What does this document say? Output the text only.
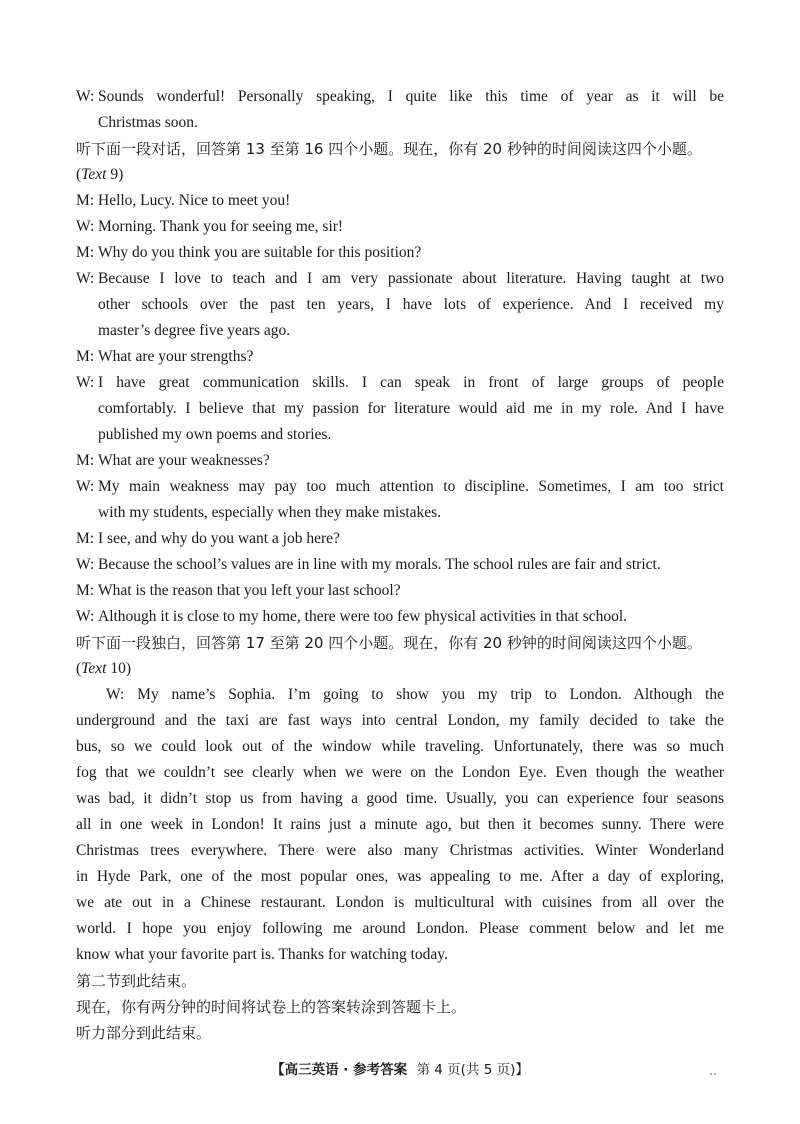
W: Sounds wonderful! Personally speaking, I quite like this time of year as it will be
Christmas soon.
听下面一段对话，回答第 13 至第 16 四个小题。现在，你有 20 秒钟的时间阅读这四个小题。
(Text 9)
M: Hello, Lucy. Nice to meet you!
W: Morning. Thank you for seeing me, sir!
M: Why do you think you are suitable for this position?
W: Because I love to teach and I am very passionate about literature. Having taught at two
other schools over the past ten years, I have lots of experience. And I received my
master’s degree five years ago.
M: What are your strengths?
W: I have great communication skills. I can speak in front of large groups of people
comfortably. I believe that my passion for literature would aid me in my role. And I have
published my own poems and stories.
M: What are your weaknesses?
W: My main weakness may pay too much attention to discipline. Sometimes, I am too strict
with my students, especially when they make mistakes.
M: I see, and why do you want a job here?
W: Because the school’s values are in line with my morals. The school rules are fair and strict.
M: What is the reason that you left your last school?
W: Although it is close to my home, there were too few physical activities in that school.
听下面一段独白，回答第 17 至第 20 四个小题。现在，你有 20 秒钟的时间阅读这四个小题。
(Text 10)
W: My name’s Sophia. I’m going to show you my trip to London. Although the
underground and the taxi are fast ways into central London, my family decided to take the
bus, so we could look out of the window while traveling. Unfortunately, there was so much
fog that we couldn’t see clearly when we were on the London Eye. Even though the weather
was bad, it didn’t stop us from having a good time. Usually, you can experience four seasons
all in one week in London! It rains just a minute ago, but then it becomes sunny. There were
Christmas trees everywhere. There were also many Christmas activities. Winter Wonderland
in Hyde Park, one of the most popular ones, was appealing to me. After a day of exploring,
we ate out in a Chinese restaurant. London is multicultural with cuisines from all over the
world. I hope you enjoy following me around London. Please comment below and let me
know what your favorite part is. Thanks for watching today.
第二节到此结束。
现在，你有两分钟的时间将试卷上的答案转涂到答题卡上。
听力部分到此结束。
【高三英语 · 参考答案 第 4 页(共 5 页)】	‥
